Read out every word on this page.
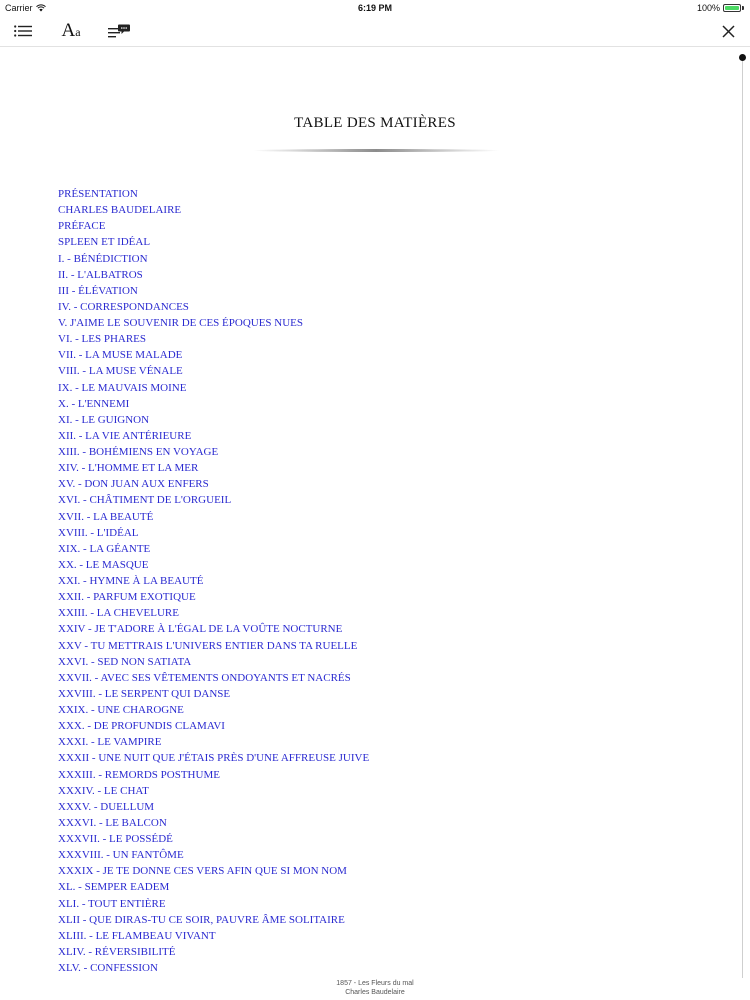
Carrier	6:19 PM	100%
Aa
TABLE DES MATIÈRES
PRÉSENTATION
CHARLES BAUDELAIRE
PRÉFACE
SPLEEN ET IDÉAL
I. - BÉNÉDICTION
II. - L'ALBATROS
III - ÉLÉVATION
IV. - CORRESPONDANCES
V. J'AIME LE SOUVENIR DE CES ÉPOQUES NUES
VI. - LES PHARES
VII. - LA MUSE MALADE
VIII. - LA MUSE VÉNALE
IX. - LE MAUVAIS MOINE
X. - L'ENNEMI
XI. - LE GUIGNON
XII. - LA VIE ANTÉRIEURE
XIII. - BOHÉMIENS EN VOYAGE
XIV. - L'HOMME ET LA MER
XV. - DON JUAN AUX ENFERS
XVI. - CHÂTIMENT DE L'ORGUEIL
XVII. - LA BEAUTÉ
XVIII. - L'IDÉAL
XIX. - LA GÉANTE
XX. - LE MASQUE
XXI. - HYMNE À LA BEAUTÉ
XXII. - PARFUM EXOTIQUE
XXIII. - LA CHEVELURE
XXIV - JE T'ADORE À L'ÉGAL DE LA VOÛTE NOCTURNE
XXV - TU METTRAIS L'UNIVERS ENTIER DANS TA RUELLE
XXVI. - SED NON SATIATA
XXVII. - AVEC SES VÊTEMENTS ONDOYANTS ET NACRÉS
XXVIII. - LE SERPENT QUI DANSE
XXIX. - UNE CHAROGNE
XXX. - DE PROFUNDIS CLAMAVI
XXXI. - LE VAMPIRE
XXXII - UNE NUIT QUE J'ÉTAIS PRÈS D'UNE AFFREUSE JUIVE
XXXIII. - REMORDS POSTHUME
XXXIV. - LE CHAT
XXXV. - DUELLUM
XXXVI. - LE BALCON
XXXVII. - LE POSSÉDÉ
XXXVIII. - UN FANTÔME
XXXIX - JE TE DONNE CES VERS AFIN QUE SI MON NOM
XL. - SEMPER EADEM
XLI. - TOUT ENTIÈRE
XLII - QUE DIRAS-TU CE SOIR, PAUVRE ÂME SOLITAIRE
XLIII. - LE FLAMBEAU VIVANT
XLIV. - RÉVERSIBILITÉ
XLV. - CONFESSION
1857 - Les Fleurs du mal
Charles Baudelaire
